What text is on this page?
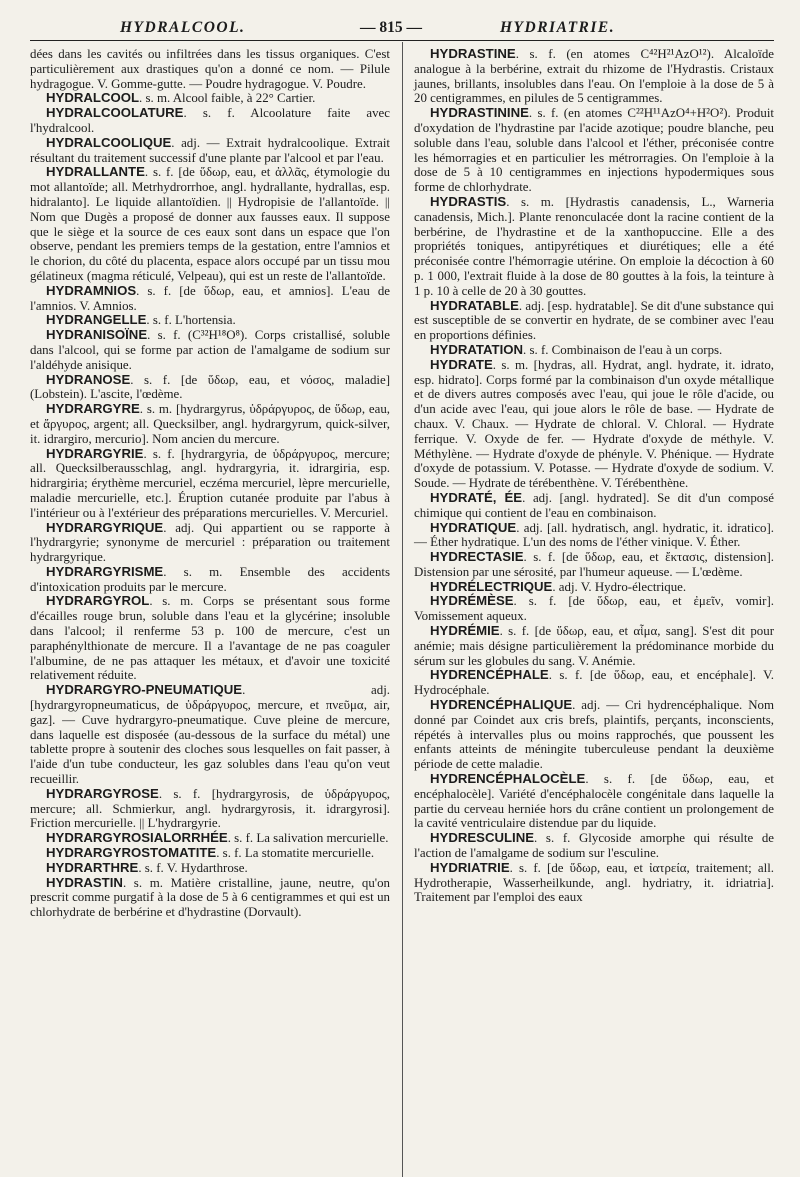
HYDRALCOOL.	— 815 —	HYDRIATRIE.

dées dans les cavités ou infiltrées dans les tissus organiques. C'est particulièrement aux drastiques qu'on a donné ce nom. — Pilule hydragogue. V. Gomme-gutte. — Poudre hydragogue. V. Poudre.

HYDRALCOOL. s. m. Alcool faible, à 22° Cartier.

HYDRALCOOLATURE. s. f. Alcoolature faite avec l'hydralcool.

HYDRALCOOLIQUE. adj. — Extrait hydralcoolique. Extrait résultant du traitement successif d'une plante par l'alcool et par l'eau.

HYDRALLANTE. s. f. [de ὕδωρ, eau, et ἀλλᾶς, étymologie du mot allantoïde; all. Metrhydrorrhoe, angl. hydrallante, hydrallas, esp. hidralanto]. Le liquide allantoïdien. || Hydropisie de l'allantoïde. || Nom que Dugès a proposé de donner aux fausses eaux. Il suppose que le siège et la source de ces eaux sont dans un espace que l'on observe, pendant les premiers temps de la gestation, entre l'amnios et le chorion, du côté du placenta, espace alors occupé par un tissu mou gélatineux (magma réticulé, Velpeau), qui est un reste de l'allantoïde.

HYDRAMNIOS. s. f. [de ὕδωρ, eau, et amnios]. L'eau de l'amnios. V. Amnios.

HYDRANGELLE. s. f. L'hortensia.

HYDRANISOÏNE. s. f. (C³²H¹⁸O⁸). Corps cristallisé, soluble dans l'alcool, qui se forme par action de l'amalgame de sodium sur l'aldéhyde anisique.

HYDRANOSE. s. f. [de ὕδωρ, eau, et νόσος, maladie] (Lobstein). L'ascite, l'œdème.

HYDRARGYRE. s. m. [hydrargyrus, ὑδράργυρος, de ὕδωρ, eau, et ἄργυρος, argent; all. Quecksilber, angl. hydrargyrum, quick-silver, it. idrargiro, mercurio]. Nom ancien du mercure.

HYDRARGYRIE. s. f. [hydrargyria, de ὑδράργυρος, mercure; all. Quecksilberausschlag, angl. hydrargyria, it. idrargiria, esp. hidrargiria; érythème mercuriel, eczéma mercuriel, lèpre mercurielle, maladie mercurielle, etc.]. Éruption cutanée produite par l'abus à l'intérieur ou à l'extérieur des préparations mercurielles. V. Mercuriel.

HYDRARGYRIQUE. adj. Qui appartient ou se rapporte à l'hydrargyrie; synonyme de mercuriel : préparation ou traitement hydrargyrique.

HYDRARGYRISME. s. m. Ensemble des accidents d'intoxication produits par le mercure.

HYDRARGYROL. s. m. Corps se présentant sous forme d'écailles rouge brun, soluble dans l'eau et la glycérine; insoluble dans l'alcool; il renferme 53 p. 100 de mercure, c'est un paraphénylthionate de mercure. Il a l'avantage de ne pas coaguler l'albumine, de ne pas attaquer les métaux, et d'avoir une toxicité relativement réduite.

HYDRARGYRO-PNEUMATIQUE. adj. [hydrargyropneumaticus, de ὑδράργυρος, mercure, et πνεῦμα, air, gaz]. — Cuve hydrargyro-pneumatique. Cuve pleine de mercure, dans laquelle est disposée (au-dessous de la surface du métal) une tablette propre à soutenir des cloches sous lesquelles on fait passer, à l'aide d'un tube conducteur, les gaz solubles dans l'eau qu'on veut recueillir.

HYDRARGYROSE. s. f. [hydrargyrosis, de ὑδράργυρος, mercure; all. Schmierkur, angl. hydrargyrosis, it. idrargyrosi]. Friction mercurielle. || L'hydrargyrie.

HYDRARGYROSIALORRHÉE. s. f. La salivation mercurielle.

HYDRARGYROSTOMATITE. s. f. La stomatite mercurielle.

HYDRARTHRE. s. f. V. Hydarthrose.

HYDRASTIN. s. m. Matière cristalline, jaune, neutre, qu'on prescrit comme purgatif à la dose de 5 à 6 centigrammes et qui est un chlorhydrate de berbérine et d'hydrastine (Dorvault).

HYDRASTINE. s. f. (en atomes C⁴²H²¹AzO¹²). Alcaloïde analogue à la berbérine, extrait du rhizome de l'Hydrastis. Cristaux jaunes, brillants, insolubles dans l'eau. On l'emploie à la dose de 5 à 20 centigrammes, en pilules de 5 centigrammes.

HYDRASTININE. s. f. (en atomes C²²H¹¹AzO⁴+H²O²). Produit d'oxydation de l'hydrastine par l'acide azotique; poudre blanche, peu soluble dans l'eau, soluble dans l'alcool et l'éther, préconisée contre les hémorragies et en particulier les métrorragies. On l'emploie à la dose de 5 à 10 centigrammes en injections hypodermiques sous forme de chlorhydrate.

HYDRASTIS. s. m. [Hydrastis canadensis, L., Warneria canadensis, Mich.]. Plante renonculacée dont la racine contient de la berbérine, de l'hydrastine et de la xanthopuccine. Elle a des propriétés toniques, antipyrétiques et diurétiques; elle a été préconisée contre l'hémorragie utérine. On emploie la décoction à 60 p. 1 000, l'extrait fluide à la dose de 80 gouttes à la fois, la teinture à 1 p. 10 à celle de 20 à 30 gouttes.

HYDRATABLE. adj. [esp. hydratable]. Se dit d'une substance qui est susceptible de se convertir en hydrate, de se combiner avec l'eau en proportions définies.

HYDRATATION. s. f. Combinaison de l'eau à un corps.

HYDRATE. s. m. [hydras, all. Hydrat, angl. hydrate, it. idrato, esp. hidrato]. Corps formé par la combinaison d'un oxyde métallique et de divers autres composés avec l'eau, qui joue le rôle d'acide, ou d'un acide avec l'eau, qui joue alors le rôle de base. — Hydrate de chaux. V. Chaux. — Hydrate de chloral. V. Chloral. — Hydrate ferrique. V. Oxyde de fer. — Hydrate d'oxyde de méthyle. V. Méthylène. — Hydrate d'oxyde de phényle. V. Phénique. — Hydrate d'oxyde de potassium. V. Potasse. — Hydrate d'oxyde de sodium. V. Soude. — Hydrate de térébenthène. V. Térébenthène.

HYDRATÉ, ÉE. adj. [angl. hydrated]. Se dit d'un composé chimique qui contient de l'eau en combinaison.

HYDRATIQUE. adj. [all. hydratisch, angl. hydratic, it. idratico]. — Éther hydratique. L'un des noms de l'éther vinique. V. Éther.

HYDRECTASIE. s. f. [de ὕδωρ, eau, et ἔκτασις, distension]. Distension par une sérosité, par l'humeur aqueuse. — L'œdème.

HYDRÉLECTRIQUE. adj. V. Hydro-électrique.

HYDRÉMÈSE. s. f. [de ὕδωρ, eau, et ἐμεῖν, vomir]. Vomissement aqueux.

HYDRÉMIE. s. f. [de ὕδωρ, eau, et αἷμα, sang]. S'est dit pour anémie; mais désigne particulièrement la prédominance morbide du sérum sur les globules du sang. V. Anémie.

HYDRENCÉPHALE. s. f. [de ὕδωρ, eau, et encéphale]. V. Hydrocéphale.

HYDRENCÉPHALIQUE. adj. — Cri hydrencéphalique. Nom donné par Coindet aux cris brefs, plaintifs, perçants, inconscients, répétés à intervalles plus ou moins rapprochés, que poussent les enfants atteints de méningite tuberculeuse pendant la deuxième période de cette maladie.

HYDRENCÉPHALOCÈLE. s. f. [de ὕδωρ, eau, et encéphalocèle]. Variété d'encéphalocèle congénitale dans laquelle la partie du cerveau herniée hors du crâne contient un prolongement de la cavité ventriculaire distendue par du liquide.

HYDRESCULINE. s. f. Glycoside amorphe qui résulte de l'action de l'amalgame de sodium sur l'esculine.

HYDRIATRIE. s. f. [de ὕδωρ, eau, et ἰατρεία, traitement; all. Hydrotherapie, Wasserheilkunde, angl. hydriatry, it. idriatria]. Traitement par l'emploi des eaux
